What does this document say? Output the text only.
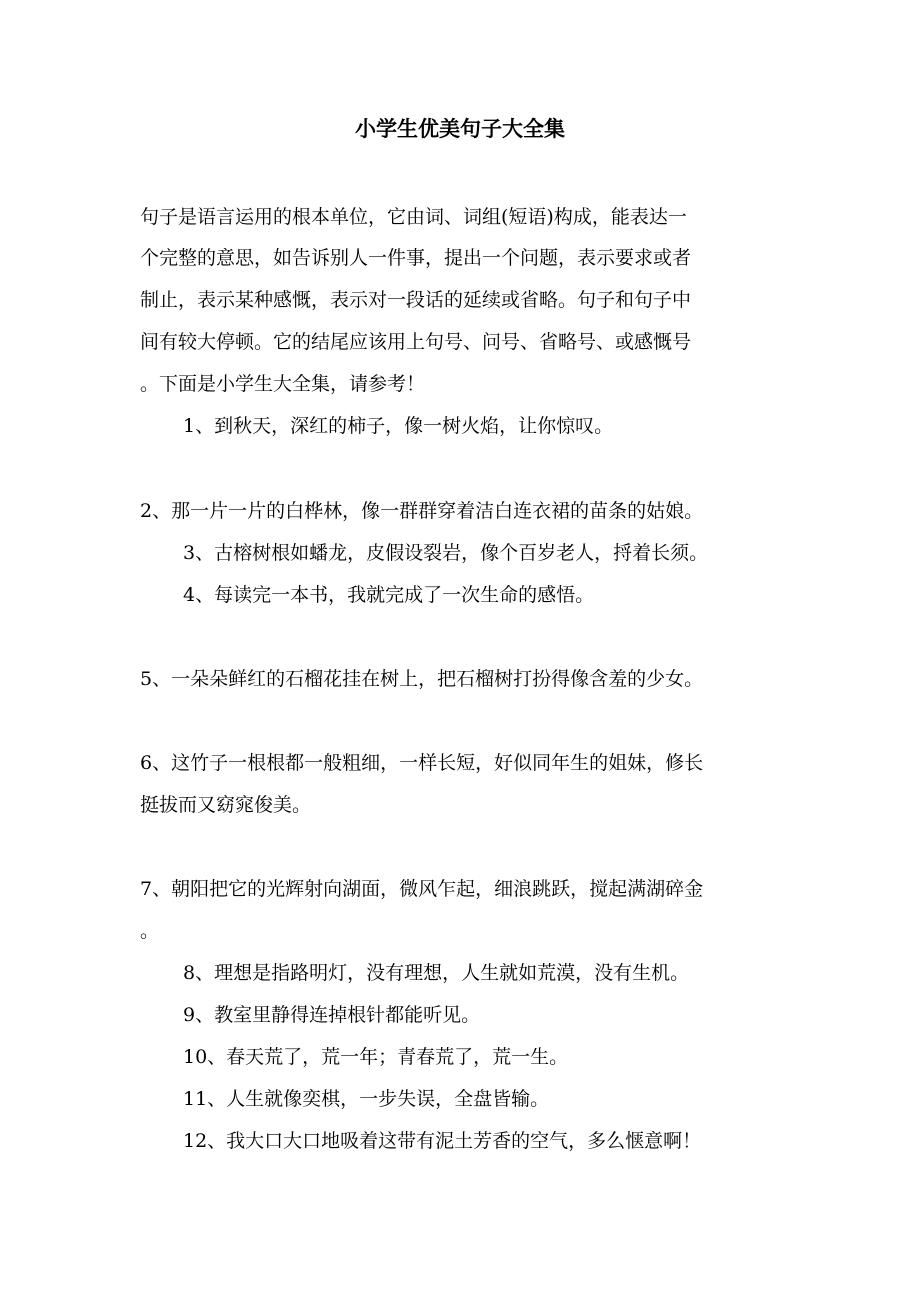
小学生优美句子大全集
句子是语言运用的根本单位，它由词、词组(短语)构成，能表达一
个完整的意思，如告诉别人一件事，提出一个问题，表示要求或者
制止，表示某种感慨，表示对一段话的延续或省略。句子和句子中
间有较大停顿。它的结尾应该用上句号、问号、省略号、或感慨号
。下面是小学生大全集，请参考！
1、到秋天，深红的柿子，像一树火焰，让你惊叹。
2、那一片一片的白桦林，像一群群穿着洁白连衣裙的苗条的姑娘。
3、古榕树根如蟠龙，皮假设裂岩，像个百岁老人，捋着长须。
4、每读完一本书，我就完成了一次生命的感悟。
5、一朵朵鲜红的石榴花挂在树上，把石榴树打扮得像含羞的少女。
6、这竹子一根根都一般粗细，一样长短，好似同年生的姐妹，修长
挺拔而又窈窕俊美。
7、朝阳把它的光辉射向湖面，微风乍起，细浪跳跃，搅起满湖碎金
。
8、理想是指路明灯，没有理想，人生就如荒漠，没有生机。
9、教室里静得连掉根针都能听见。
10、春天荒了，荒一年；青春荒了，荒一生。
11、人生就像奕棋，一步失误，全盘皆输。
12、我大口大口地吸着这带有泥土芳香的空气，多么惬意啊！
